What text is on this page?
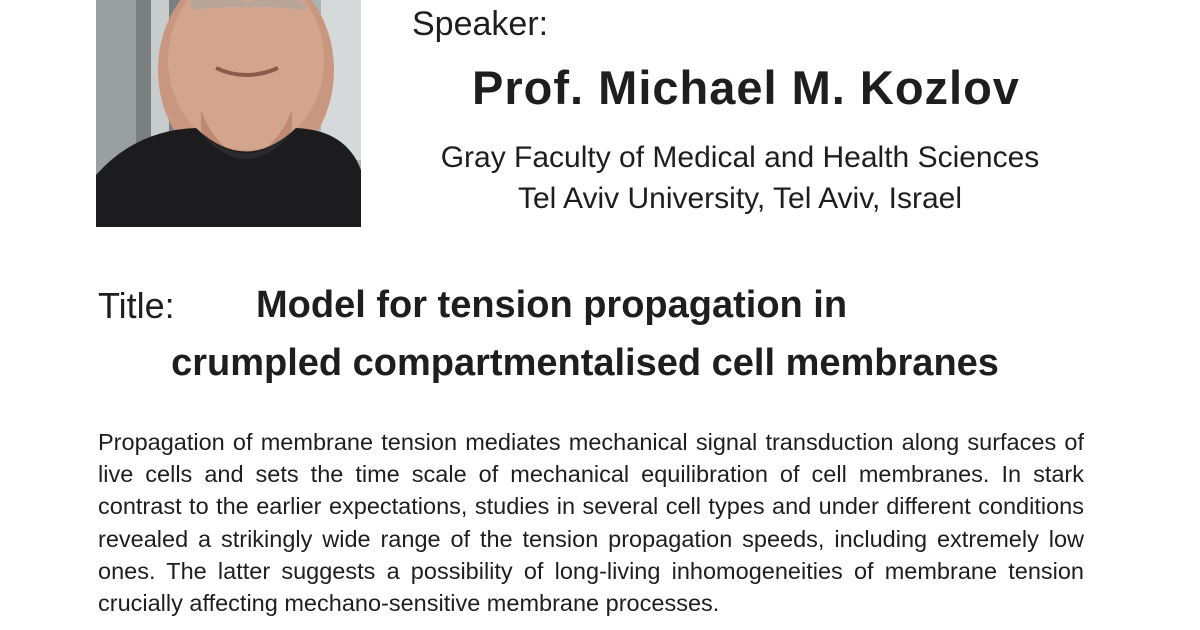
Speaker:
Prof. Michael M. Kozlov
Gray Faculty of Medical and Health Sciences
Tel Aviv University, Tel Aviv, Israel
Title: Model for tension propagation in
crumpled compartmentalised cell membranes
Propagation of membrane tension mediates mechanical signal transduction along surfaces of live cells and sets the time scale of mechanical equilibration of cell membranes. In stark contrast to the earlier expectations, studies in several cell types and under different conditions revealed a strikingly wide range of the tension propagation speeds, including extremely low ones. The latter suggests a possibility of long-living inhomogeneities of membrane tension crucially affecting mechano-sensitive membrane processes.
